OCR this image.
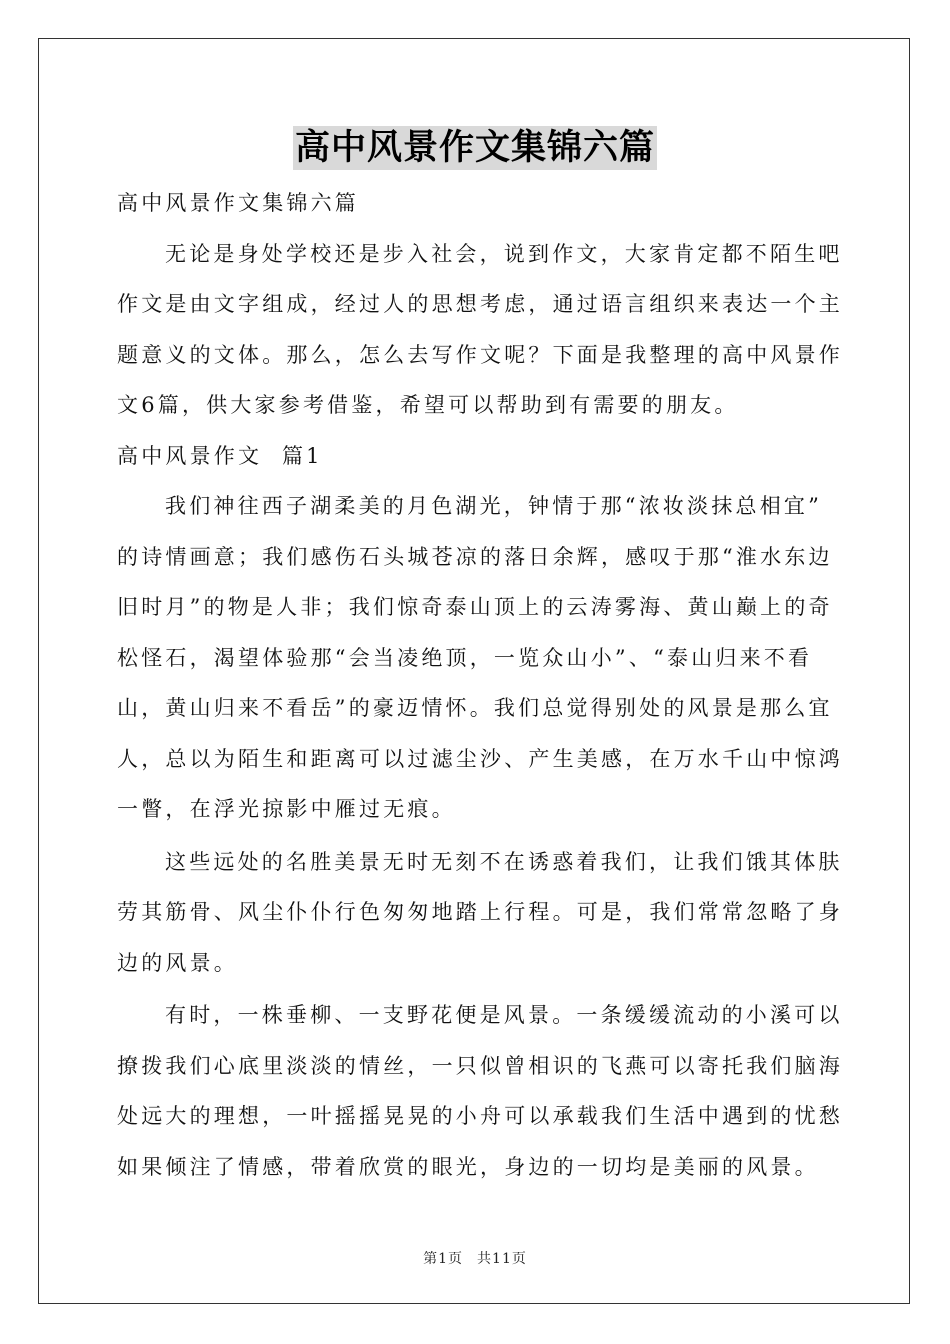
高中风景作文集锦六篇
高中风景作文集锦六篇
无论是身处学校还是步入社会，说到作文，大家肯定都不陌生吧
作文是由文字组成，经过人的思想考虑，通过语言组织来表达一个主
题意义的文体。那么，怎么去写作文呢？下面是我整理的高中风景作
文6篇，供大家参考借鉴，希望可以帮助到有需要的朋友。
高中风景作文  篇1
我们神往西子湖柔美的月色湖光，钟情于那“浓妆淡抹总相宜”
的诗情画意；我们感伤石头城苍凉的落日余辉，感叹于那“淮水东边
旧时月”的物是人非；我们惊奇泰山顶上的云涛雾海、黄山巅上的奇
松怪石，渴望体验那“会当凌绝顶，一览众山小”、“泰山归来不看
山，黄山归来不看岳”的豪迈情怀。我们总觉得别处的风景是那么宜
人，总以为陌生和距离可以过滤尘沙、产生美感，在万水千山中惊鸿
一瞥，在浮光掠影中雁过无痕。
这些远处的名胜美景无时无刻不在诱惑着我们，让我们饿其体肤
劳其筋骨、风尘仆仆行色匆匆地踏上行程。可是，我们常常忽略了身
边的风景。
有时，一株垂柳、一支野花便是风景。一条缓缓流动的小溪可以
撩拨我们心底里淡淡的情丝，一只似曾相识的飞燕可以寄托我们脑海
处远大的理想，一叶摇摇晃晃的小舟可以承载我们生活中遇到的忧愁
如果倾注了情感，带着欣赏的眼光，身边的一切均是美丽的风景。
第1页 共11页
